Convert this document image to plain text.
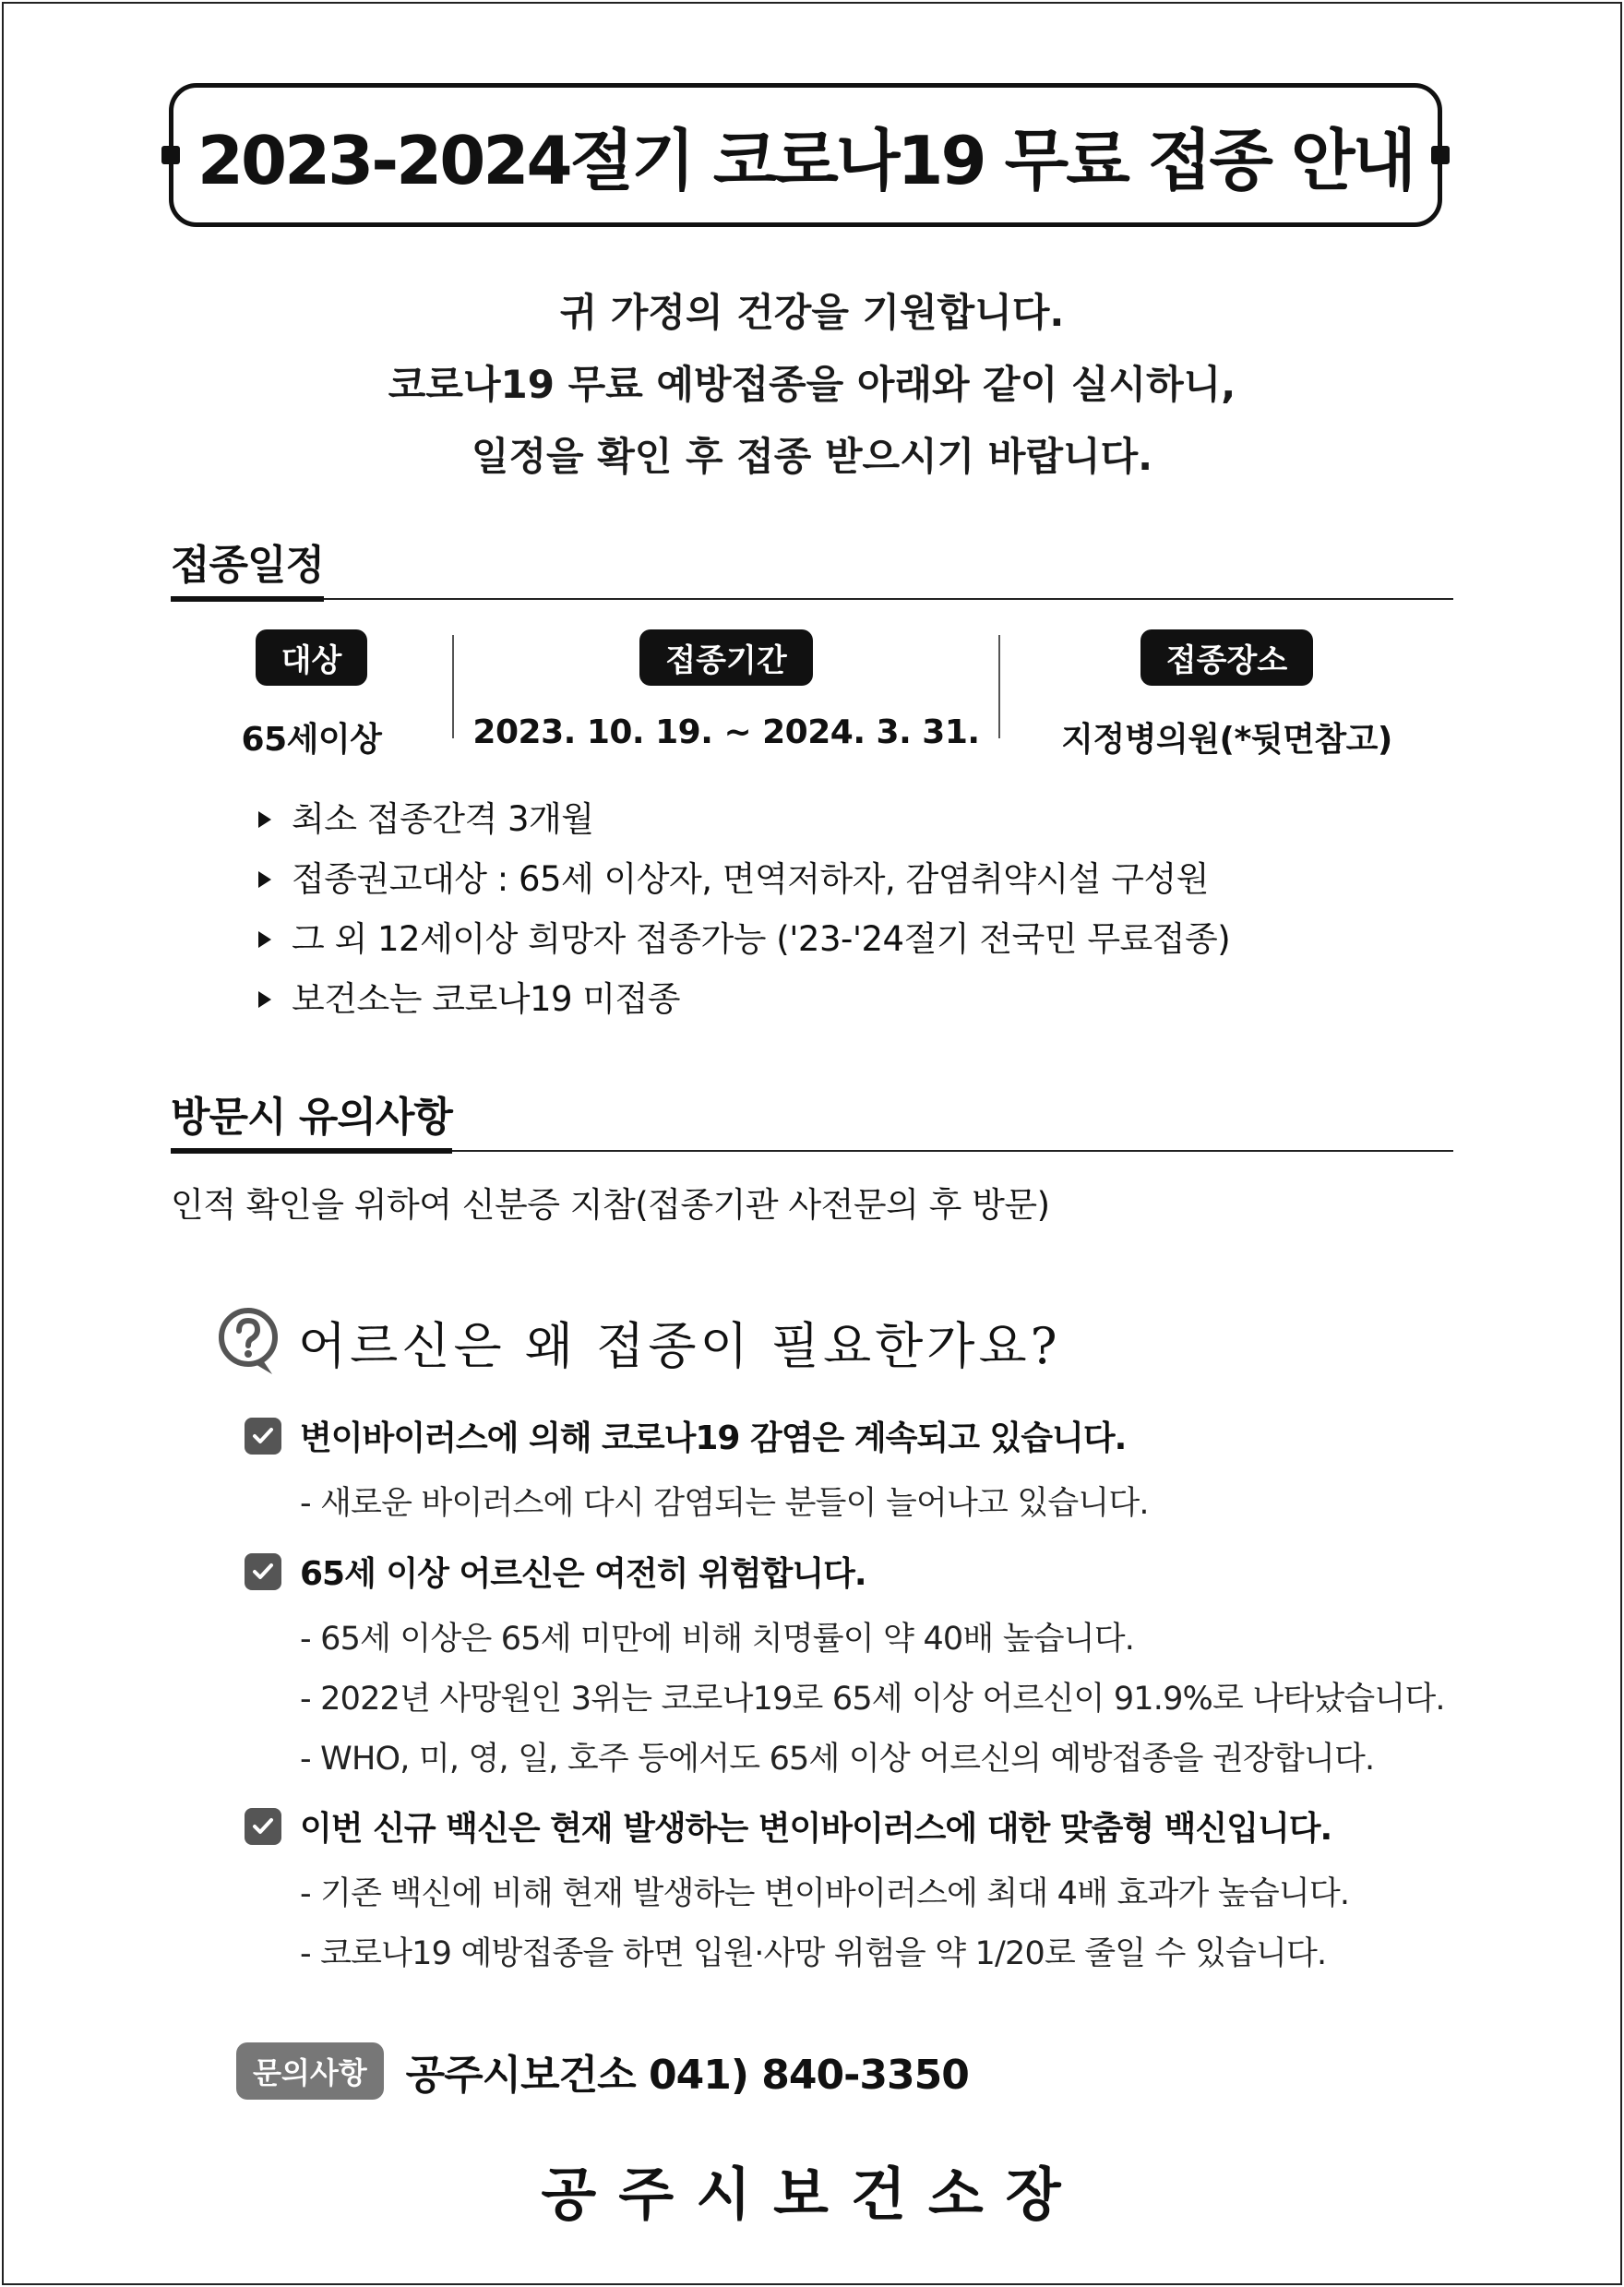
2023-2024절기 코로나19 무료 접종 안내

귀 가정의 건강을 기원합니다.

코로나19 무료 예방접종을 아래와 같이 실시하니,

일정을 확인 후 접종 받으시기 바랍니다.

접종일정
대상
65세이상
접종기간
2023. 10. 19. ~ 2024. 3. 31.
접종장소
지정병의원(*뒷면참고)
최소 접종간격 3개월
접종권고대상 : 65세 이상자, 면역저하자, 감염취약시설 구성원
그 외 12세이상 희망자 접종가능 ('23-'24절기 전국민 무료접종)
보건소는 코로나19 미접종
방문시 유의사항
인적 확인을 위하여 신분증 지참(접종기관 사전문의 후 방문)
어르신은 왜 접종이 필요한가요?
변이바이러스에 의해 코로나19 감염은 계속되고 있습니다.
- 새로운 바이러스에 다시 감염되는 분들이 늘어나고 있습니다.
65세 이상 어르신은 여전히 위험합니다.
- 65세 이상은 65세 미만에 비해 치명률이 약 40배 높습니다.
- 2022년 사망원인 3위는 코로나19로 65세 이상 어르신이 91.9%로 나타났습니다.
- WHO, 미, 영, 일, 호주 등에서도 65세 이상 어르신의 예방접종을 권장합니다.
이번 신규 백신은 현재 발생하는 변이바이러스에 대한 맞춤형 백신입니다.
- 기존 백신에 비해 현재 발생하는 변이바이러스에 최대 4배 효과가 높습니다.
- 코로나19 예방접종을 하면 입원·사망 위험을 약 1/20로 줄일 수 있습니다.
문의사항 공주시보건소 041) 840-3350
공주시보건소장
